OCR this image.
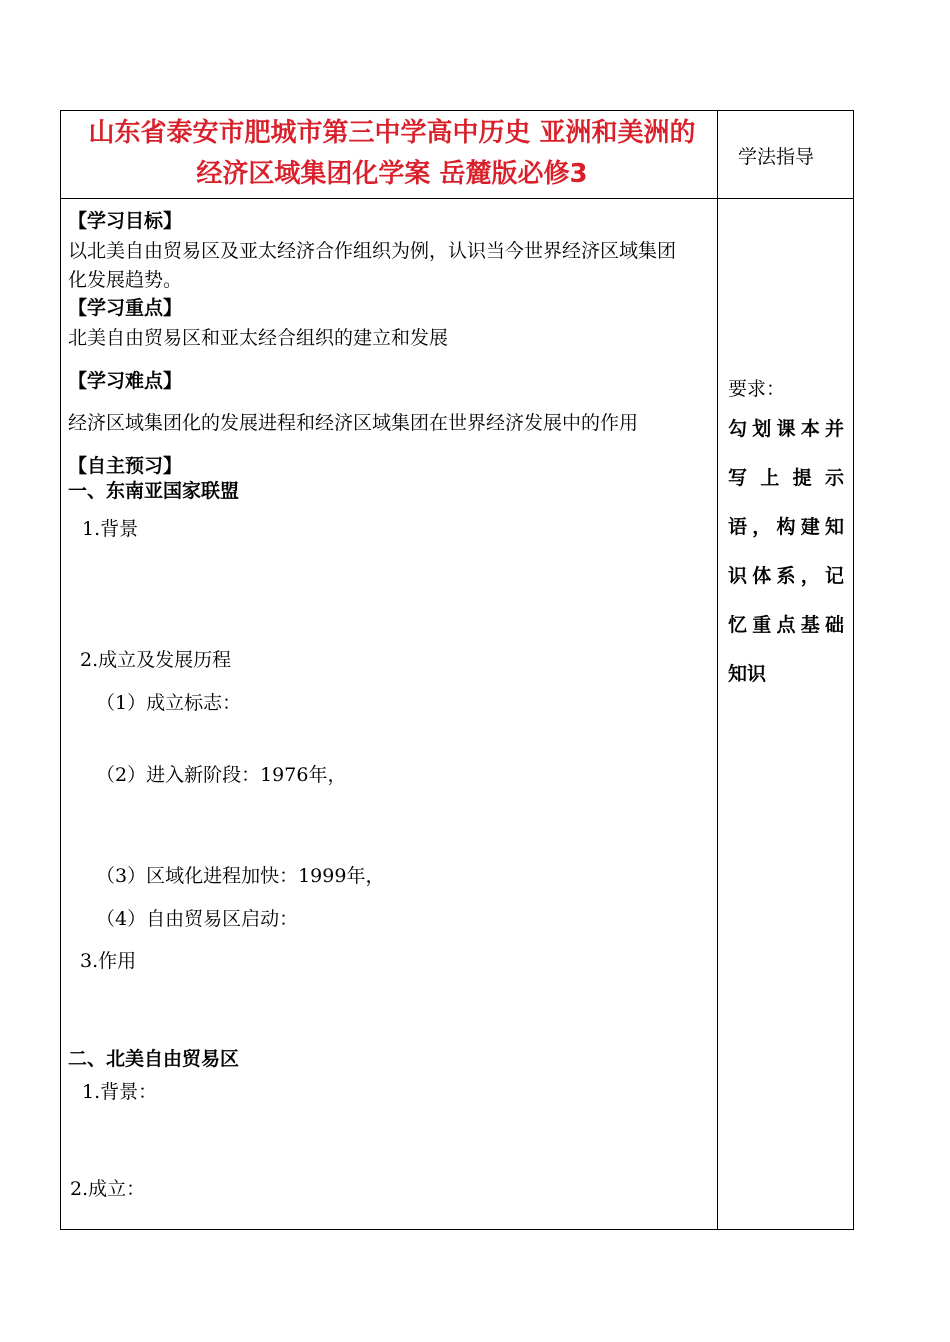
山东省泰安市肥城市第三中学高中历史 亚洲和美洲的
经济区域集团化学案 岳麓版必修3
学法指导
【学习目标】
以北美自由贸易区及亚太经济合作组织为例，认识当今世界经济区域集团
化发展趋势。
【学习重点】
北美自由贸易区和亚太经合组织的建立和发展
【学习难点】
经济区域集团化的发展进程和经济区域集团在世界经济发展中的作用
【自主预习】
一、东南亚国家联盟
1.背景
2.成立及发展历程
（1）成立标志：
（2）进入新阶段：1976年，
（3）区域化进程加快：1999年，
（4）自由贸易区启动：
3.作用
二、北美自由贸易区
1.背景：
2.成立：
要求：
勾划课本并
写上提示
语，构建知
识体系，记
忆重点基础
知识
